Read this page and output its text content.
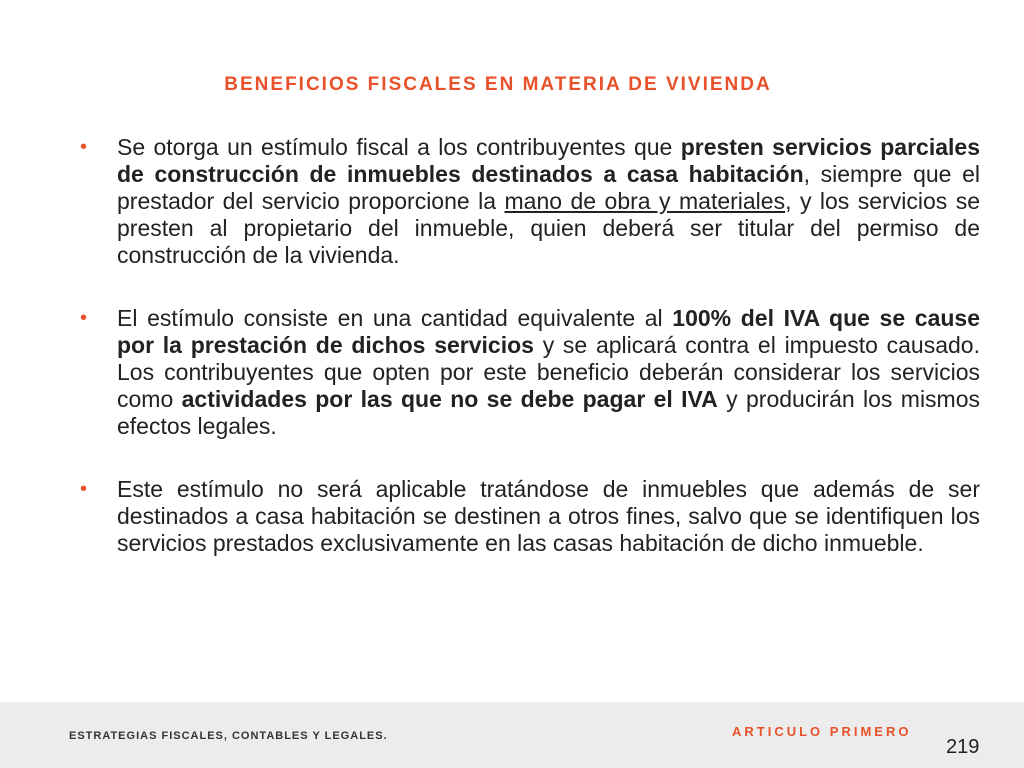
BENEFICIOS FISCALES EN MATERIA DE VIVIENDA
•	Se otorga un estímulo fiscal a los contribuyentes que presten servicios parciales de construcción de inmuebles destinados a casa habitación, siempre que el prestador del servicio proporcione la mano de obra y materiales, y los servicios se presten al propietario del inmueble, quien deberá ser titular del permiso de construcción de la vivienda.
•	El estímulo consiste en una cantidad equivalente al 100% del IVA que se cause por la prestación de dichos servicios y se aplicará contra el impuesto causado. Los contribuyentes que opten por este beneficio deberán considerar los servicios como actividades por las que no se debe pagar el IVA y producirán los mismos efectos legales.
•	Este estímulo no será aplicable tratándose de inmuebles que además de ser destinados a casa habitación se destinen a otros fines, salvo que se identifiquen los servicios prestados exclusivamente en las casas habitación de dicho inmueble.
ESTRATEGIAS FISCALES, CONTABLES Y LEGALES.	ARTICULO PRIMERO
219
